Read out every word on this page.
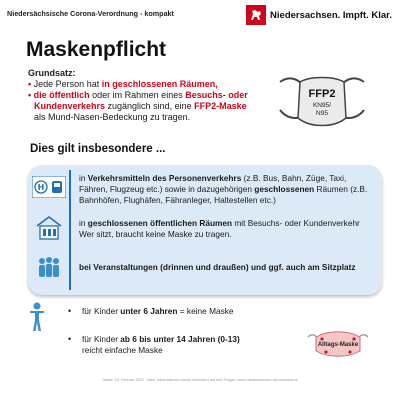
Niedersächsische Corona-Verordnung - kompakt	Niedersachsen. Impft. Klar.
Maskenpflicht
Grundsatz:
• Jede Person hat in geschlossenen Räumen,
• die öffentlich oder im Rahmen eines Besuchs- oder
Kundenverkehrs zugänglich sind, eine FFP2-Maske
als Mund-Nasen-Bedeckung zu tragen.
FFP2
KN95/
N95
Dies gilt insbesondere ...
H
in Verkehrsmitteln des Personenverkehrs (z.B. Bus, Bahn, Züge, Taxi, Fähren, Flugzeug etc.) sowie in dazugehörigen geschlossenen Räumen (z.B. Bahnhöfen, Flughäfen, Fähranleger, Haltestellen etc.)
in geschlossenen öffentlichen Räumen mit Besuchs- oder Kundenverkehr Wer sitzt, braucht keine Maske zu tragen.
bei Veranstaltungen (drinnen und draußen) und ggf. auch am Sitzplatz
• für Kinder unter 6 Jahren = keine Maske
• für Kinder ab 6 bis unter 14 Jahren (0-13)
reicht einfache Maske	Alltags-Maske
Stand: 24. Februar 2022 · Mehr Informationen sowie Antworten auf Ihre Fragen: www.niedersachsen.de/coronavirus
